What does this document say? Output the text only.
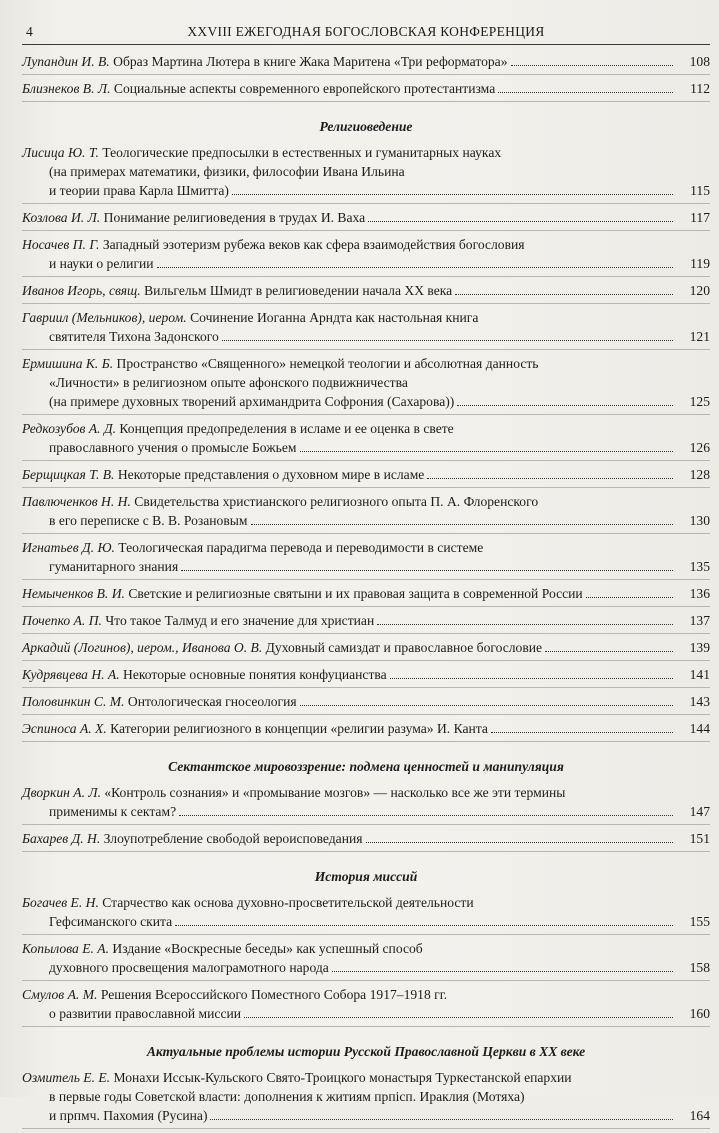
4	XXVIII ЕЖЕГОДНАЯ БОГОСЛОВСКАЯ КОНФЕРЕНЦИЯ
Лупандин И. В. Образ Мартина Лютера в книге Жака Маритена «Три реформатора»	108
Близнеков В. Л. Социальные аспекты современного европейского протестантизма	112
Религиоведение
Лисица Ю. Т. Теологические предпосылки в естественных и гуманитарных науках
(на примерах математики, физики, философии Ивана Ильина
и теории права Карла Шмитта)	115
Козлова И. Л. Понимание религиоведения в трудах И. Ваха	117
Носачев П. Г. Западный эзотеризм рубежа веков как сфера взаимодействия богословия
и науки о религии	119
Иванов Игорь, свящ. Вильгельм Шмидт в религиоведении начала XX века	120
Гавриил (Мельников), иером. Сочинение Иоганна Арндта как настольная книга
святителя Тихона Задонского	121
Ермишина К. Б. Пространство «Священного» немецкой теологии и абсолютная данность
«Личности» в религиозном опыте афонского подвижничества
(на примере духовных творений архимандрита Софрония (Сахарова))	125
Редкозубов А. Д. Концепция предопределения в исламе и ее оценка в свете
православного учения о промысле Божьем	126
Берщицкая Т. В. Некоторые представления о духовном мире в исламе	128
Павлюченков Н. Н. Свидетельства христианского религиозного опыта П. А. Флоренского
в его переписке с В. В. Розановым	130
Игнатьев Д. Ю. Теологическая парадигма перевода и переводимости в системе
гуманитарного знания	135
Немыченков В. И. Светские и религиозные святыни и их правовая защита в современной России	136
Почепко А. П. Что такое Талмуд и его значение для христиан	137
Аркадий (Логинов), иером., Иванова О. В. Духовный самиздат и православное богословие	139
Кудрявцева Н. А. Некоторые основные понятия конфуцианства	141
Половинкин С. М. Онтологическая гносеология	143
Эспиноса А. Х. Категории религиозного в концепции «религии разума» И. Канта	144
Сектантское мировоззрение: подмена ценностей и манипуляция
Дворкин А. Л. «Контроль сознания» и «промывание мозгов» — насколько все же эти термины
применимы к сектам?	147
Бахарев Д. Н. Злоупотребление свободой вероисповедания	151
История миссий
Богачев Е. Н. Старчество как основа духовно-просветительской деятельности
Гефсиманского скита	155
Копылова Е. А. Издание «Воскресные беседы» как успешный способ
духовного просвещения малограмотного народа	158
Смулов А. М. Решения Всероссийского Поместного Собора 1917–1918 гг.
о развитии православной миссии	160
Актуальные проблемы истории Русской Православной Церкви в XX веке
Озмитель Е. Е. Монахи Иссык-Кульского Свято-Троицкого монастыря Туркестанской епархии
в первые годы Советской власти: дополнения к житиям прпісп. Ираклия (Мотяха)
и прпмч. Пахомия (Русина)	164
